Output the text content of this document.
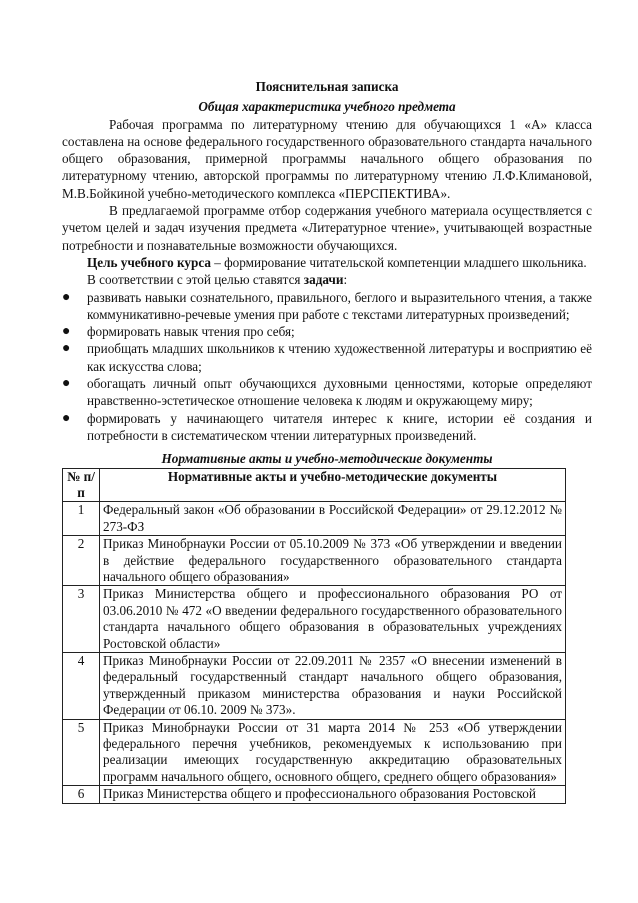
Пояснительная записка
Общая характеристика учебного предмета
Рабочая программа по литературному чтению для обучающихся 1 «А» класса составлена на основе федерального государственного образовательного стандарта начального общего образования, примерной программы начального общего образования по литературному чтению, авторской программы по литературному чтению Л.Ф.Климановой, М.В.Бойкиной учебно-методического комплекса «ПЕРСПЕКТИВА».
В предлагаемой программе отбор содержания учебного материала осуществляется с учетом целей и задач изучения предмета «Литературное чтение», учитывающей возрастные потребности и познавательные возможности обучающихся.
Цель учебного курса – формирование читательской компетенции младшего школьника.
В соответствии с этой целью ставятся задачи:
● развивать навыки сознательного, правильного, беглого и выразительного чтения, а также коммуникативно-речевые умения при работе с текстами литературных произведений;
● формировать навык чтения про себя;
● приобщать младших школьников к чтению художественной литературы и восприятию её как искусства слова;
● обогащать личный опыт обучающихся духовными ценностями, которые определяют нравственно-эстетическое отношение человека к людям и окружающему миру;
● формировать у начинающего читателя интерес к книге, истории её создания и потребности в систематическом чтении литературных произведений.
Нормативные акты и учебно-методические документы
№ п/п	Нормативные акты и учебно-методические документы
1	Федеральный закон «Об образовании в Российской Федерации» от 29.12.2012 № 273-ФЗ
2	Приказ Минобрнауки России от 05.10.2009 № 373 «Об утверждении и введении в действие федерального государственного образовательного стандарта начального общего образования»
3	Приказ Министерства общего и профессионального образования РО от 03.06.2010 № 472 «О введении федерального государственного образовательного стандарта начального общего образования в образовательных учреждениях Ростовской области»
4	Приказ Минобрнауки России от 22.09.2011 № 2357 «О внесении изменений в федеральный государственный стандарт начального общего образования, утвержденный приказом министерства образования и науки Российской Федерации от 06.10. 2009 № 373».
5	Приказ Минобрнауки России от 31 марта 2014 № 253 «Об утверждении федерального перечня учебников, рекомендуемых к использованию при реализации имеющих государственную аккредитацию образовательных программ начального общего, основного общего, среднего общего образования»
6	Приказ Министерства общего и профессионального образования Ростовской
